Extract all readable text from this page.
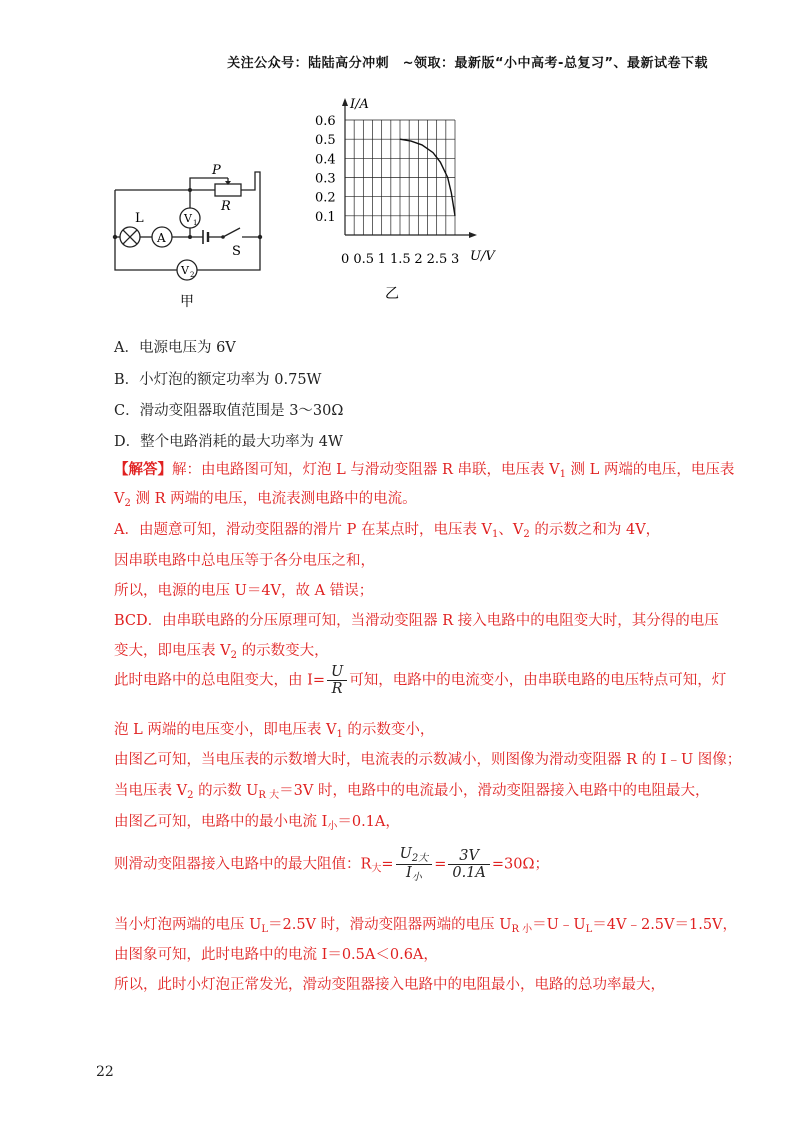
关注公众号：陆陆高分冲刺　~领取：最新版“小中高考-总复习”、最新试卷下载
P
R
L
A
V 1
V 2
S
甲
0.1
0.2
0.3
0.4
0.5
0.6
0 0.5 1 1.5 2 2.5 3
I/A
U/V
乙
A．电源电压为 6V
B．小灯泡的额定功率为 0.75W
C．滑动变阻器取值范围是 3～30Ω
D．整个电路消耗的最大功率为 4W
【解答】解：由电路图可知，灯泡 L 与滑动变阻器 R 串联，电压表 $V_1$ 测 L 两端的电压，电压表
$V_2$ 测 R 两端的电压，电流表测电路中的电流。
A．由题意可知，滑动变阻器的滑片 P 在某点时，电压表 $V_1$、$V_2$ 的示数之和为 4V，
因串联电路中总电压等于各分电压之和，
所以，电源的电压 U＝4V，故 A 错误；
BCD．由串联电路的分压原理可知，当滑动变阻器 R 接入电路中的电阻变大时，其分得的电压
变大，即电压表 $V_2$ 的示数变大，
此时电路中的总电阻变大，由 $I= \frac{U}{R}$ 可知，电路中的电流变小，由串联电路的电压特点可知，灯
泡 L 两端的电压变小，即电压表 $V_1$ 的示数变小，
由图乙可知，当电压表的示数增大时，电流表的示数减小，则图像为滑动变阻器 R 的 I﹣U 图像；
当电压表 $V_2$ 的示数 $U_{R 大}=3V$ 时，电路中的电流最小，滑动变阻器接入电路中的电阻最大，
由图乙可知，电路中的最小电流 $I_小=0.1A$，
则滑动变阻器接入电路中的最大阻值：$R_大= \frac{U_{2大}}{I_小} = \frac{3V}{0.1A} =30\Omega$；
当小灯泡两端的电压 $U_L=2.5V$ 时，滑动变阻器两端的电压 $U_{R 小}=U﹣U_L=4V﹣2.5V=1.5V$，
由图象可知，此时电路中的电流 I＝0.5A＜0.6A，
所以，此时小灯泡正常发光，滑动变阻器接入电路中的电阻最小，电路的总功率最大，
22
